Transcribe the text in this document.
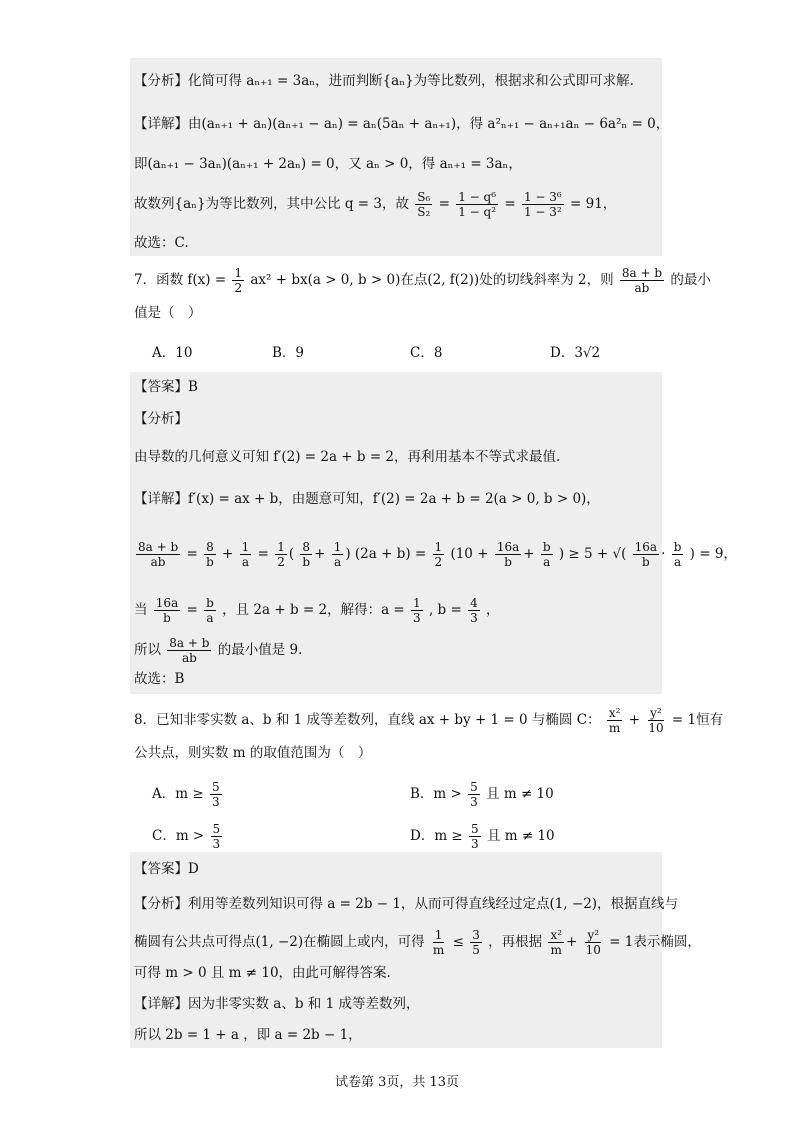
【分析】化简可得 aₙ₊₁ = 3aₙ，进而判断{aₙ}为等比数列，根据求和公式即可求解.
【详解】由(aₙ₊₁ + aₙ)(aₙ₊₁ − aₙ) = aₙ(5aₙ + aₙ₊₁)，得 a²ₙ₊₁ − aₙ₊₁aₙ − 6a²ₙ = 0，
即(aₙ₊₁ − 3aₙ)(aₙ₊₁ + 2aₙ) = 0，又 aₙ > 0，得 aₙ₊₁ = 3aₙ，
故数列{aₙ}为等比数列，其中公比 q = 3，故 $\frac{\text{S₆}}{\text{S₂}} = \frac{\text{1 − q⁶}}{\text{1 − q²}} = \frac{\text{1 − 3⁶}}{\text{1 − 3²}} = 91$，
故选：C.
7．函数 $f(x) = \frac{1}{2} ax^2 + bx(a > 0$, b > 0)在点(2, f(2))处的切线斜率为 2，则 $\frac{8a + b}{ab}$ 的最小
值是（　）
A．10	B．9	C．8	D．3√2
【答案】B
【分析】
由导数的几何意义可知 f′(2) = 2a + b = 2，再利用基本不等式求最值.
【详解】f′(x) = ax + b，由题意可知，f′(2) = 2a + b = 2(a > 0, b > 0)，
$\frac{8a + b}{ab} = \frac{8}{b} + \frac{1}{a} = \frac{1}{2}$ ( $\frac{8}{b} + \frac{1}{a}$ ) $(2a + b) = \frac{1}{2} (10 + \frac{16a}{b} + \frac{b}{a}$ ) ≥ 5 + √( $\frac{16a}{b} \cdot \frac{b}{a}$ ) = 9，
当 $\frac{16a}{b} = \frac{b}{a}$ ，且 2a + b = 2，解得：$a = \frac{1}{3}$ , $b = \frac{4}{3}$ ，
所以 $\frac{8a + b}{ab}$ 的最小值是 9.
故选：B
8．已知非零实数 a、b 和 1 成等差数列，直线 ax + by + 1 = 0 与椭圆 C： $\frac{\text{x²}}{m} + \frac{\text{y²}}{10} = 1$恒有
公共点，则实数 m 的取值范围为（　）
A．$m \ge \frac{5}{3}$	B．$m > \frac{5}{3}$ 且 m ≠ 10
C．$m > \frac{5}{3}$	D．$m \ge \frac{5}{3}$ 且 m ≠ 10
【答案】D
【分析】利用等差数列知识可得 a = 2b − 1，从而可得直线经过定点(1, −2)，根据直线与
椭圆有公共点可得点(1, −2)在椭圆上或内，可得 $\frac{1}{m} \le \frac{3}{5}$ ，再根据 $\frac{\text{x²}}{m} + \frac{\text{y²}}{10} = 1$表示椭圆，
可得 m > 0 且 m ≠ 10，由此可解得答案.
【详解】因为非零实数 a、b 和 1 成等差数列，
所以 2b = 1 + a ，即 a = 2b − 1，
试卷第 3页，共 13页
